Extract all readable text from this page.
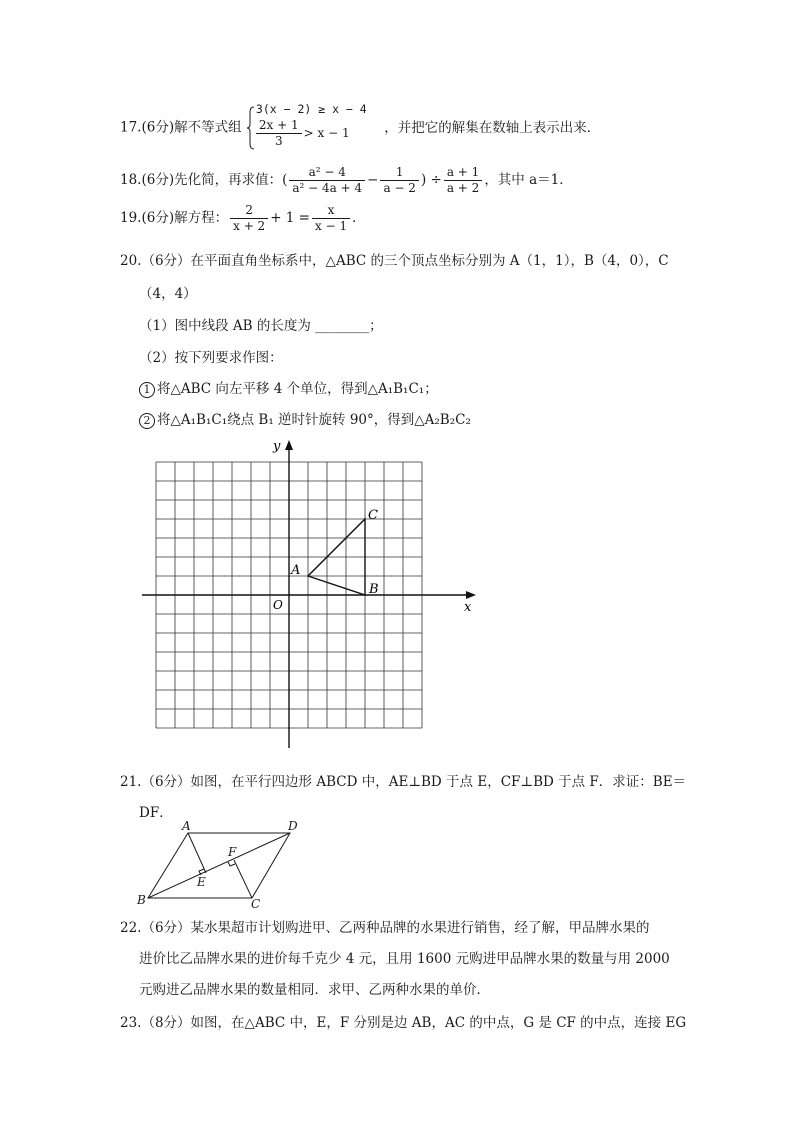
17.(6分)解不等式组
3(x − 2) ≥ x − 4
$\frac{2x + 1}{3} > x - 1$	，并把它的解集在数轴上表示出来．
18.(6分)先化简，再求值：( $\frac{\text{a² − 4}}{\text{a² − 4a + 4}} - \frac{1}{a - 2}$ ) ÷ $\frac{a + 1}{a + 2}$ ，其中 a＝1．
19.(6分)解方程： $\frac{2}{x + 2} + 1 = \frac{x}{x - 1}$ ．
20.（6分）在平面直角坐标系中，△ABC 的三个顶点坐标分别为 A（1，1），B（4，0），C
（4，4）
（1）图中线段 AB 的长度为 ________；
（2）按下列要求作图：
1 将△ABC 向左平移 4 个单位，得到△A₁B₁C₁；
2 将△A₁B₁C₁绕点 B₁ 逆时针旋转 90°，得到△A₂B₂C₂
x
y
O
A
B
C
21.（6分）如图，在平行四边形 ABCD 中，AE⊥BD 于点 E，CF⊥BD 于点 F．求证：BE＝
DF．
A	D
B	C
E
F
22.（6分）某水果超市计划购进甲、乙两种品牌的水果进行销售，经了解，甲品牌水果的
进价比乙品牌水果的进价每千克少 4 元，且用 1600 元购进甲品牌水果的数量与用 2000
元购进乙品牌水果的数量相同．求甲、乙两种水果的单价．
23.（8分）如图，在△ABC 中，E，F 分别是边 AB，AC 的中点，G 是 CF 的中点，连接 EG
